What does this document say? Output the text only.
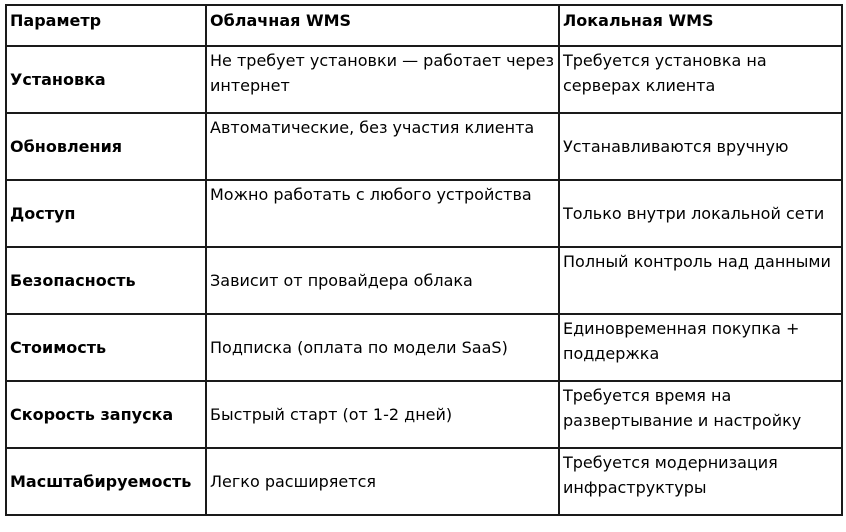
Параметр	Облачная WMS	Локальная WMS
Установка	Не требует установки — работает через интернет	Требуется установка на серверах клиента
Обновления	Автоматические, без участия клиента	Устанавливаются вручную
Доступ	Можно работать с любого устройства	Только внутри локальной сети
Безопасность	Зависит от провайдера облака	Полный контроль над данными
Стоимость	Подписка (оплата по модели SaaS)	Единовременная покупка + поддержка
Скорость запуска	Быстрый старт (от 1-2 дней)	Требуется время на развертывание и настройку
Масштабируемость	Легко расширяется	Требуется модернизация инфраструктуры
